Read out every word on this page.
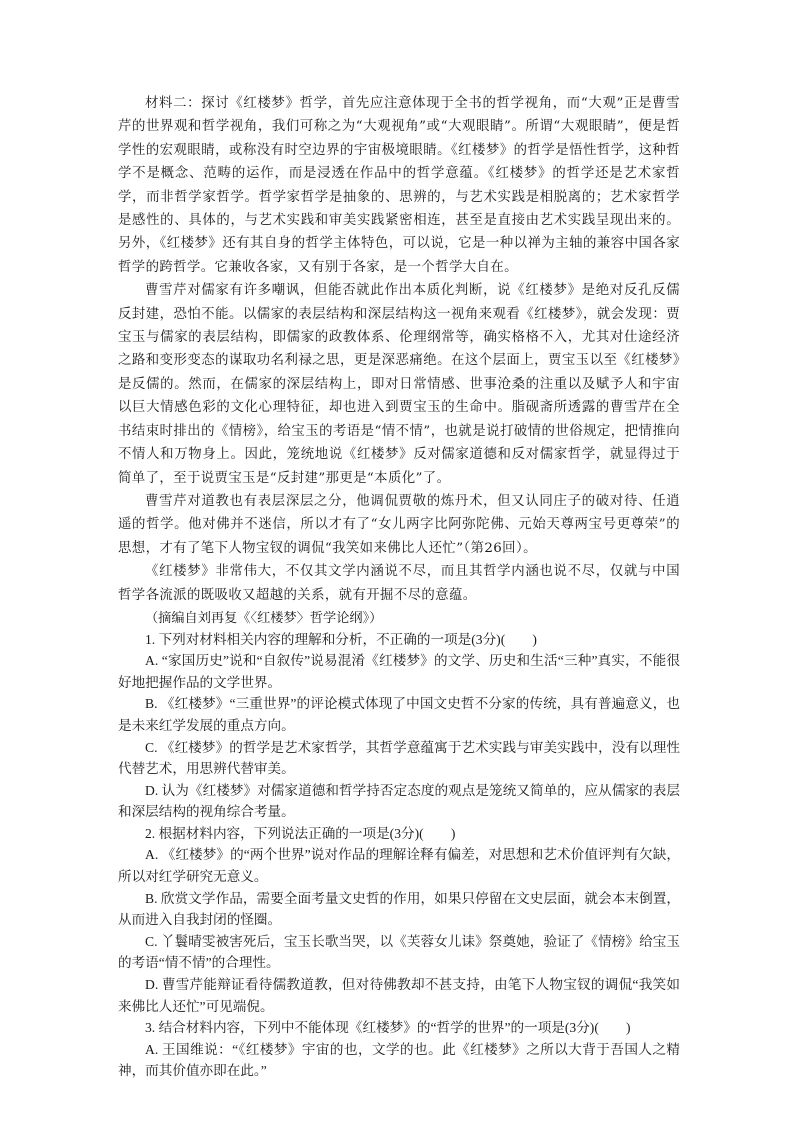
材料二：探讨《红楼梦》哲学，首先应注意体现于全书的哲学视角，而“大观”正是曹雪芹的世界观和哲学视角，我们可称之为“大观视角”或“大观眼睛”。所谓“大观眼睛”，便是哲学性的宏观眼睛，或称没有时空边界的宇宙极境眼睛。《红楼梦》的哲学是悟性哲学，这种哲学不是概念、范畴的运作，而是浸透在作品中的哲学意蕴。《红楼梦》的哲学还是艺术家哲学，而非哲学家哲学。哲学家哲学是抽象的、思辨的，与艺术实践是相脱离的；艺术家哲学是感性的、具体的，与艺术实践和审美实践紧密相连，甚至是直接由艺术实践呈现出来的。另外，《红楼梦》还有其自身的哲学主体特色，可以说，它是一种以禅为主轴的兼容中国各家哲学的跨哲学。它兼收各家，又有别于各家，是一个哲学大自在。

曹雪芹对儒家有许多嘲讽，但能否就此作出本质化判断，说《红楼梦》是绝对反孔反儒反封建，恐怕不能。以儒家的表层结构和深层结构这一视角来观看《红楼梦》，就会发现：贾宝玉与儒家的表层结构，即儒家的政教体系、伦理纲常等，确实格格不入，尤其对仕途经济之路和变形变态的谋取功名利禄之思，更是深恶痛绝。在这个层面上，贾宝玉以至《红楼梦》是反儒的。然而，在儒家的深层结构上，即对日常情感、世事沧桑的注重以及赋予人和宇宙以巨大情感色彩的文化心理特征，却也进入到贾宝玉的生命中。脂砚斋所透露的曹雪芹在全书结束时排出的《情榜》，给宝玉的考语是“情不情”，也就是说打破情的世俗规定，把情推向不情人和万物身上。因此，笼统地说《红楼梦》反对儒家道德和反对儒家哲学，就显得过于简单了，至于说贾宝玉是“反封建”那更是“本质化”了。

曹雪芹对道教也有表层深层之分，他调侃贾敬的炼丹术，但又认同庄子的破对待、任逍遥的哲学。他对佛并不迷信，所以才有了“女儿两字比阿弥陀佛、元始天尊两宝号更尊荣”的思想，才有了笔下人物宝钗的调侃“我笑如来佛比人还忙”（第26回）。

《红楼梦》非常伟大，不仅其文学内涵说不尽，而且其哲学内涵也说不尽，仅就与中国哲学各流派的既吸收又超越的关系，就有开掘不尽的意蕴。

（摘编自刘再复《〈红楼梦〉哲学论纲》）

1. 下列对材料相关内容的理解和分析，不正确的一项是(3分)(　　)

A. “家国历史”说和“自叙传”说易混淆《红楼梦》的文学、历史和生活“三种”真实，不能很好地把握作品的文学世界。

B. 《红楼梦》“三重世界”的评论模式体现了中国文史哲不分家的传统，具有普遍意义，也是未来红学发展的重点方向。

C. 《红楼梦》的哲学是艺术家哲学，其哲学意蕴寓于艺术实践与审美实践中，没有以理性代替艺术，用思辨代替审美。

D. 认为《红楼梦》对儒家道德和哲学持否定态度的观点是笼统又简单的，应从儒家的表层和深层结构的视角综合考量。

2. 根据材料内容，下列说法正确的一项是(3分)(　　)

A. 《红楼梦》的“两个世界”说对作品的理解诠释有偏差，对思想和艺术价值评判有欠缺，所以对红学研究无意义。

B. 欣赏文学作品，需要全面考量文史哲的作用，如果只停留在文史层面，就会本末倒置，从而进入自我封闭的怪圈。

C. 丫鬟晴雯被害死后，宝玉长歌当哭，以《芙蓉女儿诔》祭奠她，验证了《情榜》给宝玉的考语“情不情”的合理性。

D. 曹雪芹能辩证看待儒教道教，但对待佛教却不甚支持，由笔下人物宝钗的调侃“我笑如来佛比人还忙”可见端倪。

3. 结合材料内容，下列中不能体现《红楼梦》的“哲学的世界”的一项是(3分)(　　)

A. 王国维说：“《红楼梦》宇宙的也，文学的也。此《红楼梦》之所以大背于吾国人之精神，而其价值亦即在此。”
